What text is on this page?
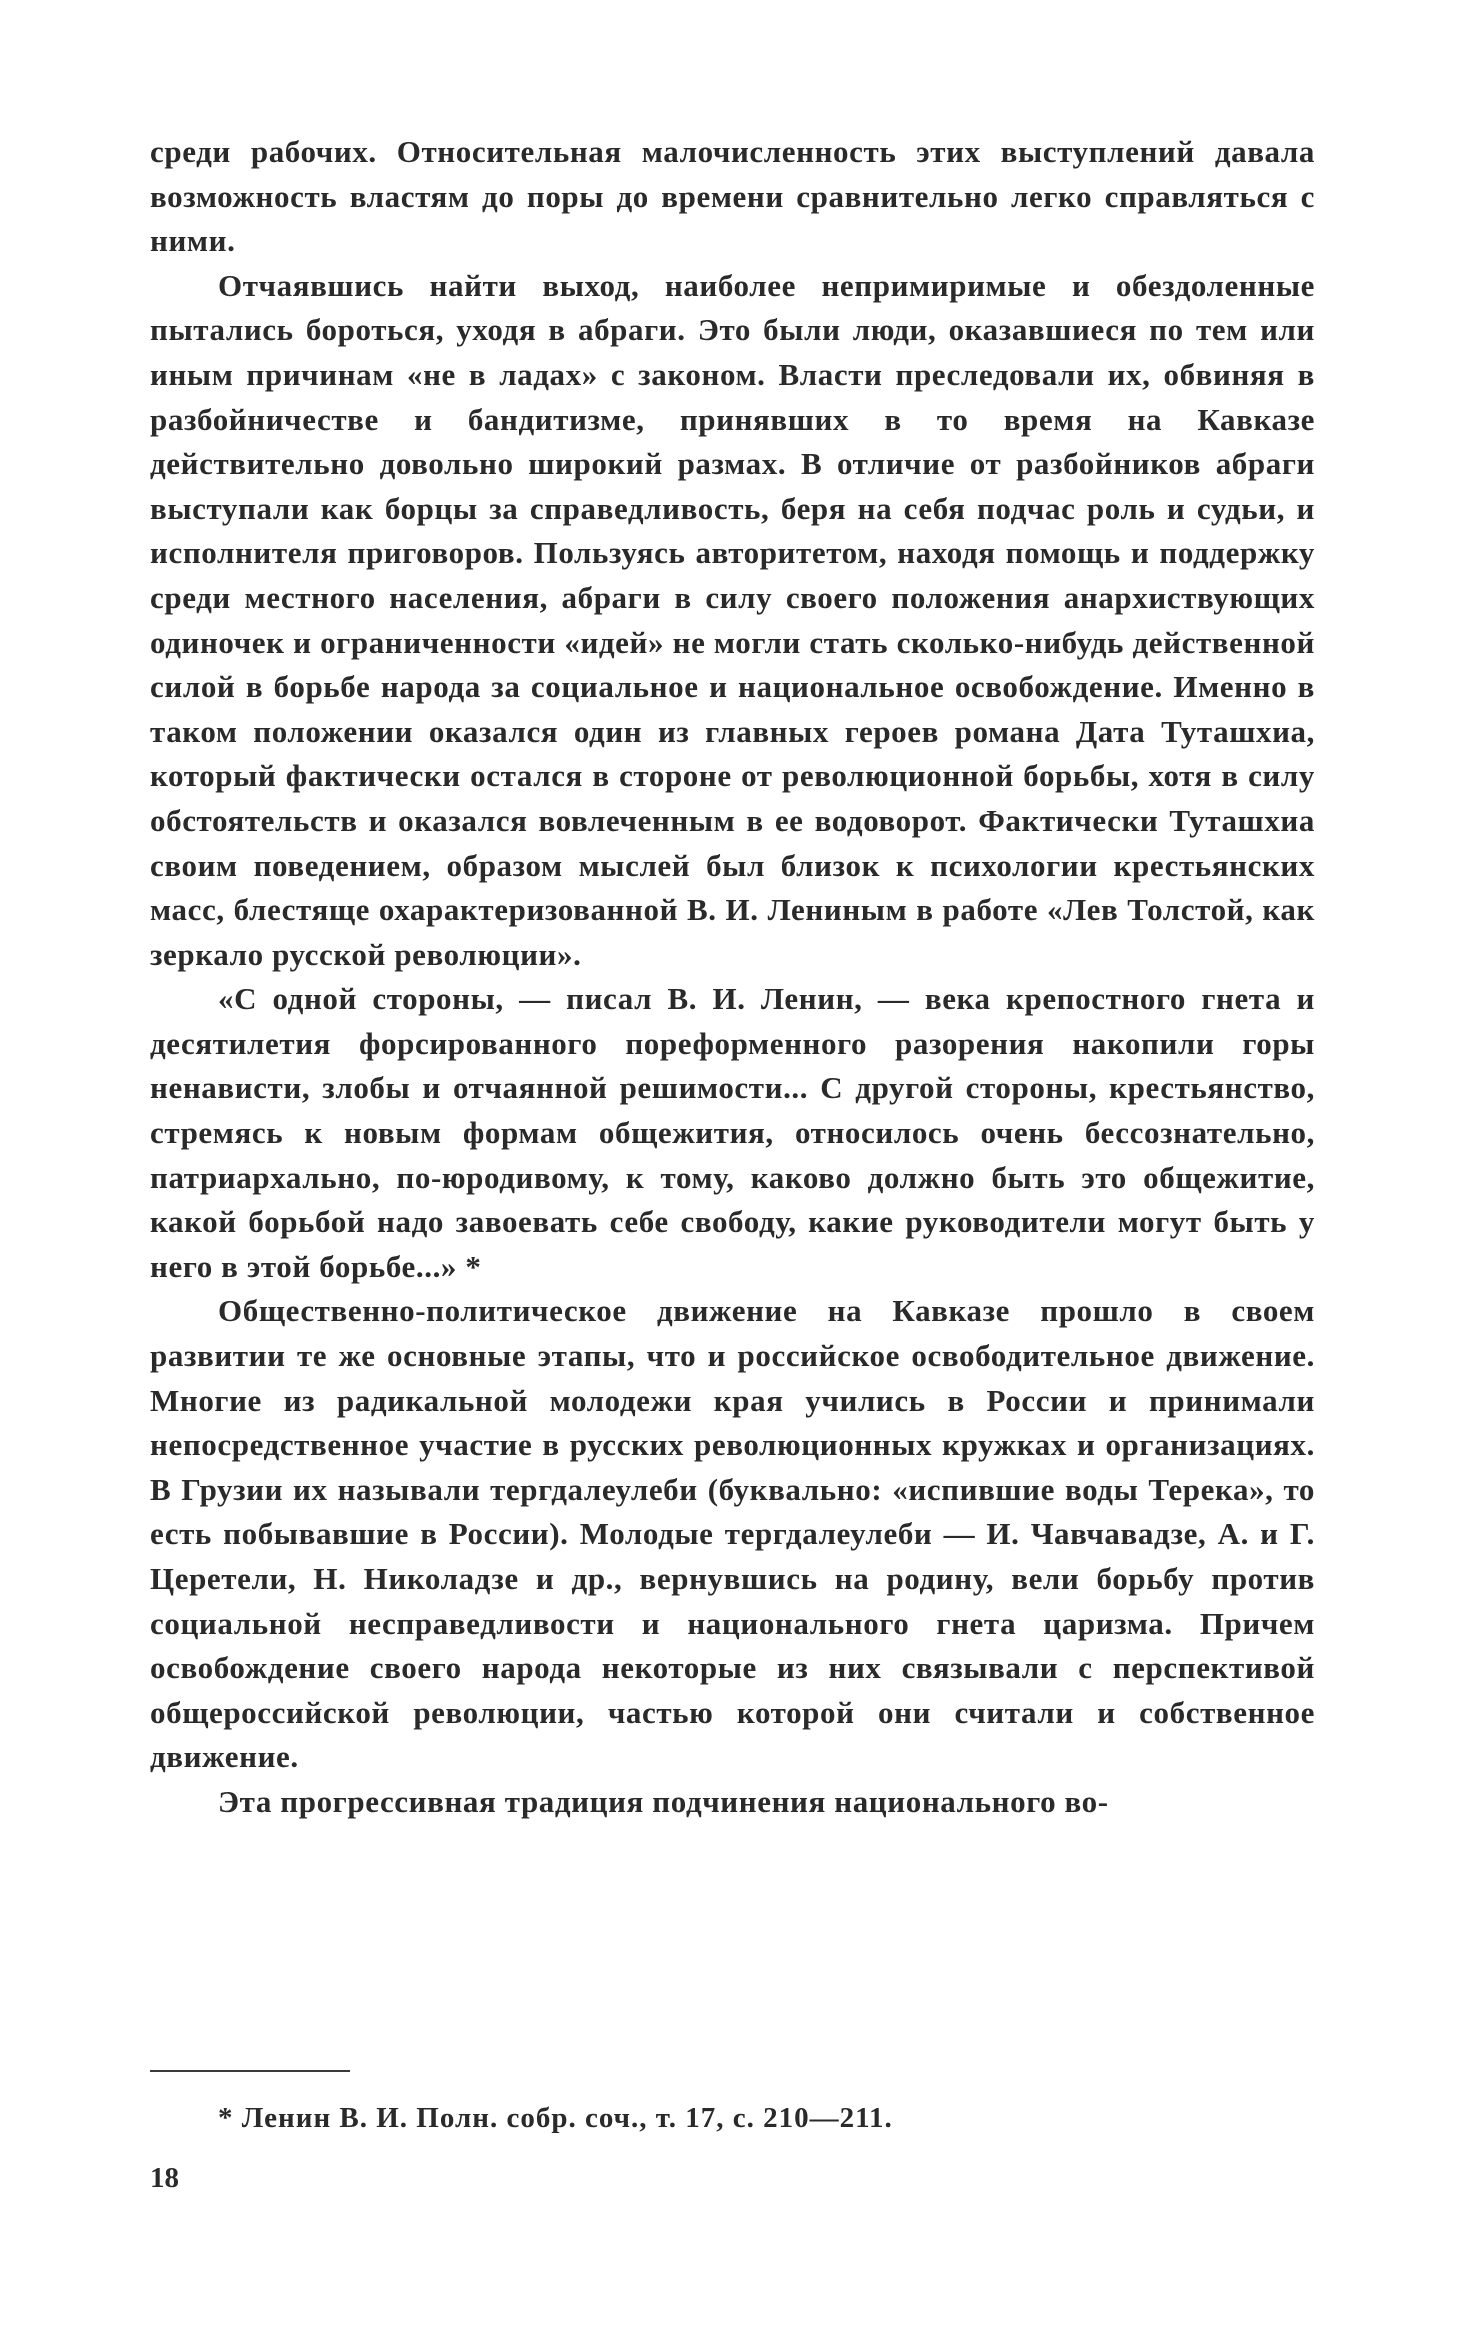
среди рабочих. Относительная малочисленность этих выступлений давала возможность властям до поры до времени сравнительно легко справляться с ними.

Отчаявшись найти выход, наиболее непримиримые и обездоленные пытались бороться, уходя в абраги. Это были люди, оказавшиеся по тем или иным причинам «не в ладах» с законом. Власти преследовали их, обвиняя в разбойничестве и бандитизме, принявших в то время на Кавказе действительно довольно широкий размах. В отличие от разбойников абраги выступали как борцы за справедливость, беря на себя подчас роль и судьи, и исполнителя приговоров. Пользуясь авторитетом, находя помощь и поддержку среди местного населения, абраги в силу своего положения анархиствующих одиночек и ограниченности «идей» не могли стать сколько-нибудь действенной силой в борьбе народа за социальное и национальное освобождение. Именно в таком положении оказался один из главных героев романа Дата Туташхиа, который фактически остался в стороне от революционной борьбы, хотя в силу обстоятельств и оказался вовлеченным в ее водоворот. Фактически Туташхиа своим поведением, образом мыслей был близок к психологии крестьянских масс, блестяще охарактеризованной В. И. Лениным в работе «Лев Толстой, как зеркало русской революции».

«С одной стороны, — писал В. И. Ленин, — века крепостного гнета и десятилетия форсированного пореформенного разорения накопили горы ненависти, злобы и отчаянной решимости... С другой стороны, крестьянство, стремясь к новым формам общежития, относилось очень бессознательно, патриархально, по-юродивому, к тому, каково должно быть это общежитие, какой борьбой надо завоевать себе свободу, какие руководители могут быть у него в этой борьбе...» *

Общественно-политическое движение на Кавказе прошло в своем развитии те же основные этапы, что и российское освободительное движение. Многие из радикальной молодежи края учились в России и принимали непосредственное участие в русских революционных кружках и организациях. В Грузии их называли тергдалеулеби (буквально: «испившие воды Терека», то есть побывавшие в России). Молодые тергдалеулеби — И. Чавчавадзе, А. и Г. Церетели, Н. Николадзе и др., вернувшись на родину, вели борьбу против социальной несправедливости и национального гнета царизма. Причем освобождение своего народа некоторые из них связывали с перспективой общероссийской революции, частью которой они считали и собственное движение.

Эта прогрессивная традиция подчинения национального во-

* Ленин В. И. Полн. собр. соч., т. 17, с. 210—211.
18
